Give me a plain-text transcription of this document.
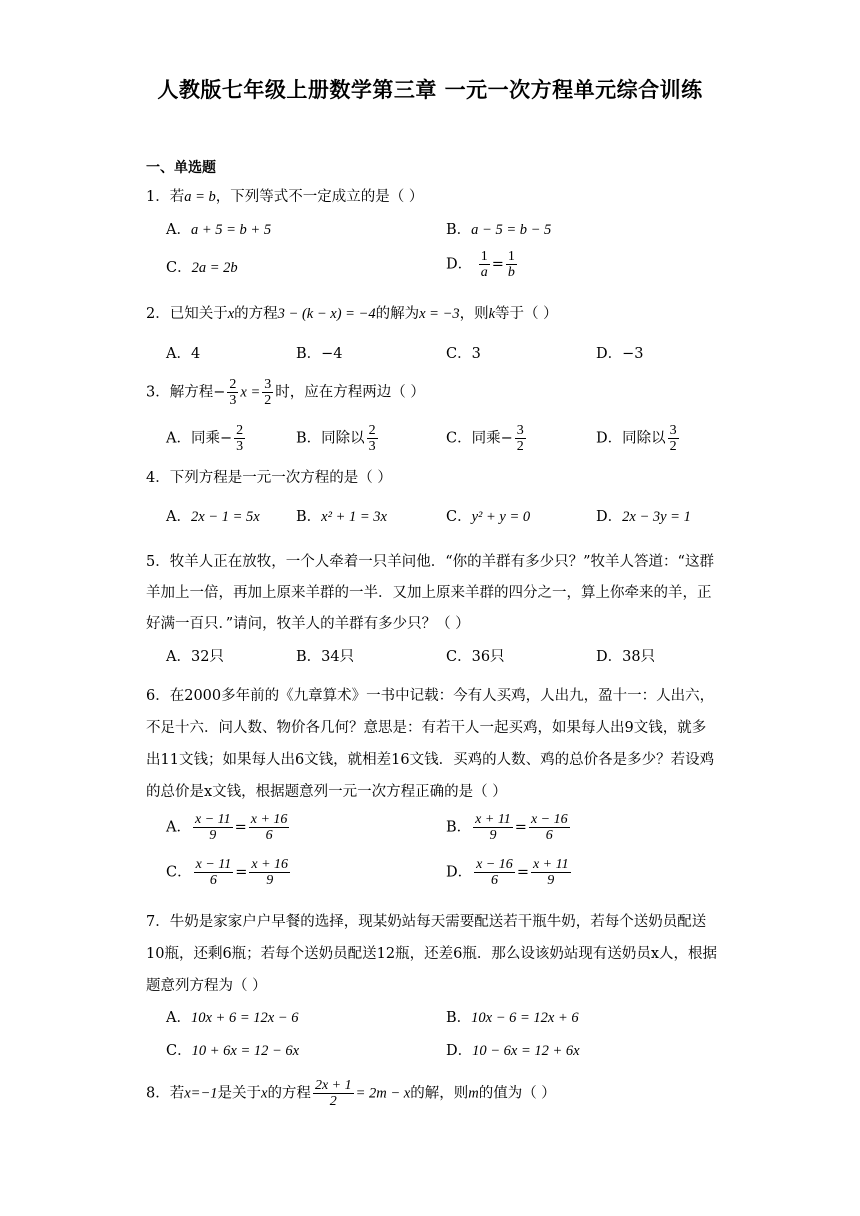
人教版七年级上册数学第三章 一元一次方程单元综合训练
一、单选题
1．若a = b，下列等式不一定成立的是（ ）
A．a + 5 = b + 5	B．a − 5 = b − 5
C．2a = 2b	D． $\frac{1}{a} = \frac{1}{b}$
2．已知关于x的方程3 − (k − x) = −4的解为x = −3，则k等于（ ）
A．4	B．−4	C．3	D．−3
3．解方程− $\frac{2}{3}$ $x = \frac{3}{2}$ 时，应在方程两边（ ）
A．同乘− $\frac{2}{3}$	B．同除以 $\frac{2}{3}$	C．同乘− $\frac{3}{2}$	D．同除以 $\frac{3}{2}$
4．下列方程是一元一次方程的是（ ）
A．2x − 1 = 5x	B．x² + 1 = 3x	C．y² + y = 0	D．2x − 3y = 1
5．牧羊人正在放牧，一个人牵着一只羊问他．“你的羊群有多少只？”牧羊人答道：“这群羊加上一倍，再加上原来羊群的一半．又加上原来羊群的四分之一，算上你牵来的羊，正好满一百只．”请问，牧羊人的羊群有多少只？（ ）
A．32只	B．34只	C．36只	D．38只
6．在2000多年前的《九章算术》一书中记载：今有人买鸡，人出九，盈十一：人出六，不足十六．问人数、物价各几何？意思是：有若干人一起买鸡，如果每人出9文钱，就多出11文钱；如果每人出6文钱，就相差16文钱．买鸡的人数、鸡的总价各是多少？若设鸡的总价是x文钱，根据题意列一元一次方程正确的是（ ）
A． $\frac{x - 11}{9} = \frac{x + 16}{6}$	B． $\frac{x + 11}{9} = \frac{x - 16}{6}$
C． $\frac{x - 11}{6} = \frac{x + 16}{9}$	D． $\frac{x - 16}{6} = \frac{x + 11}{9}$
7．牛奶是家家户户早餐的选择，现某奶站每天需要配送若干瓶牛奶，若每个送奶员配送10瓶，还剩6瓶；若每个送奶员配送12瓶，还差6瓶．那么设该奶站现有送奶员x人，根据题意列方程为（ ）
A．10x + 6 = 12x − 6	B．10x − 6 = 12x + 6
C．10 + 6x = 12 − 6x	D．10 − 6x = 12 + 6x
8．若x=−1是关于x的方程 $\frac{2x + 1}{2} = 2m - x$的解，则m的值为（ ）
